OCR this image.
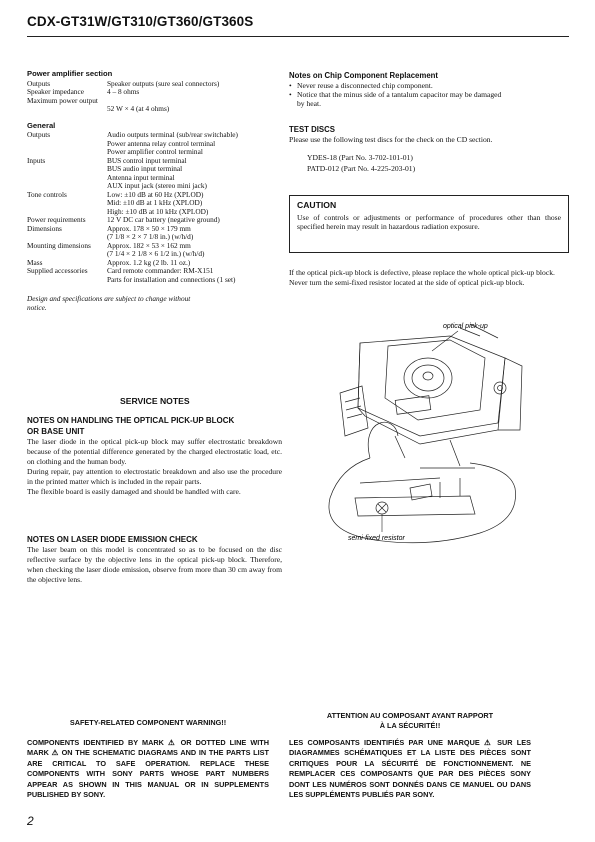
CDX-GT31W/GT310/GT360/GT360S
Power amplifier section
Outputs	Speaker outputs (sure seal connectors)
Speaker impedance	4 – 8 ohms
Maximum power output
52 W × 4 (at 4 ohms)
General
Outputs	Audio outputs terminal (sub/rear switchable)
Power antenna relay control terminal
Power amplifier control terminal
Inputs	BUS control input terminal
BUS audio input terminal
Antenna input terminal
AUX input jack (stereo mini jack)
Tone controls	Low: ±10 dB at 60 Hz (XPLOD)
Mid: ±10 dB at 1 kHz (XPLOD)
High: ±10 dB at 10 kHz (XPLOD)
Power requirements	12 V DC car battery (negative ground)
Dimensions	Approx. 178 × 50 × 179 mm
(7 1/8 × 2 × 7 1/8 in.) (w/h/d)
Mounting dimensions	Approx. 182 × 53 × 162 mm
(7 1/4 × 2 1/8 × 6 1/2 in.) (w/h/d)
Mass	Approx. 1.2 kg (2 lb. 11 oz.)
Supplied accessories	Card remote commander: RM-X151
Parts for installation and connections (1 set)
Design and specifications are subject to change without
notice.
Notes on Chip Component Replacement
• Never reuse a disconnected chip component.
• Notice that the minus side of a tantalum capacitor may be damaged
by heat.
TEST DISCS
Please use the following test discs for the check on the CD section.
YDES-18 (Part No. 3-702-101-01)
PATD-012 (Part No. 4-225-203-01)
CAUTION
Use of controls or adjustments or performance of procedures other than those specified herein may result in hazardous radiation exposure.
If the optical pick-up block is defective, please replace the whole optical pick-up block.
Never turn the semi-fixed resistor located at the side of optical pick-up block.
optical pick-up
semi-fixed resistor
SERVICE NOTES
NOTES ON HANDLING THE OPTICAL PICK-UP BLOCK
OR BASE UNIT
The laser diode in the optical pick-up block may suffer electrostatic breakdown because of the potential difference generated by the charged electrostatic load, etc. on clothing and the human body.
During repair, pay attention to electrostatic breakdown and also use the procedure in the printed matter which is included in the repair parts.
The flexible board is easily damaged and should be handled with care.
NOTES ON LASER DIODE EMISSION CHECK
The laser beam on this model is concentrated so as to be focused on the disc reflective surface by the objective lens in the optical pick-up block. Therefore, when checking the laser diode emission, observe from more than 30 cm away from the objective lens.
SAFETY-RELATED COMPONENT WARNING!!
COMPONENTS IDENTIFIED BY MARK ⚠ OR DOTTED LINE WITH MARK ⚠ ON THE SCHEMATIC DIAGRAMS AND IN THE PARTS LIST ARE CRITICAL TO SAFE OPERATION. REPLACE THESE COMPONENTS WITH SONY PARTS WHOSE PART NUMBERS APPEAR AS SHOWN IN THIS MANUAL OR IN SUPPLEMENTS PUBLISHED BY SONY.
ATTENTION AU COMPOSANT AYANT RAPPORT
À LA SÉCURITÉ!!
LES COMPOSANTS IDENTIFIÉS PAR UNE MARQUE ⚠ SUR LES DIAGRAMMES SCHÉMATIQUES ET LA LISTE DES PIÈCES SONT CRITIQUES POUR LA SÉCURITÉ DE FONCTIONNEMENT. NE REMPLACER CES COMPOSANTS QUE PAR DES PIÈCES SONY DONT LES NUMÉROS SONT DONNÉS DANS CE MANUEL OU DANS LES SUPPLÉMENTS PUBLIÉS PAR SONY.
2
